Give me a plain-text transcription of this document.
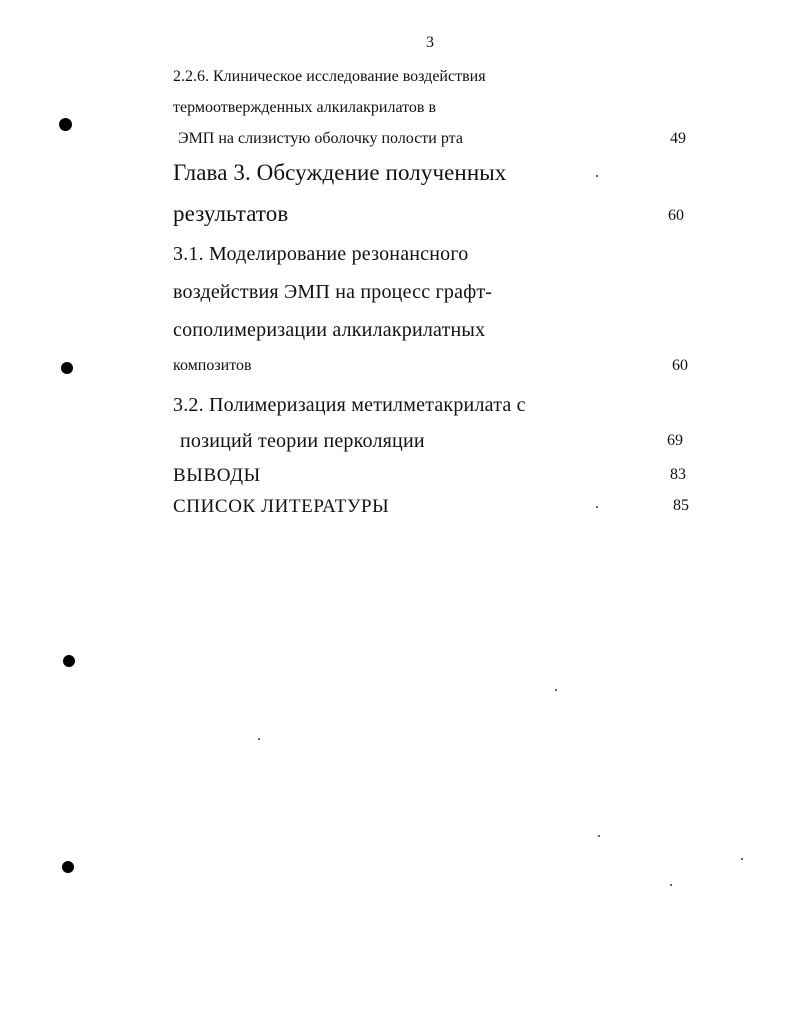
3
2.2.6. Клиническое исследование воздействия
термоотвержденных алкилакрилатов в
ЭМП на слизистую оболочку полости рта	49
Глава 3. Обсуждение полученных
результатов	60
3.1. Моделирование резонансного
воздействия ЭМП на процесс графт-
сополимеризации алкилакрилатных
композитов	60
3.2. Полимеризация метилметакрилата с
позиций теории перколяции	69
ВЫВОДЫ	83
СПИСОК ЛИТЕРАТУРЫ	85
